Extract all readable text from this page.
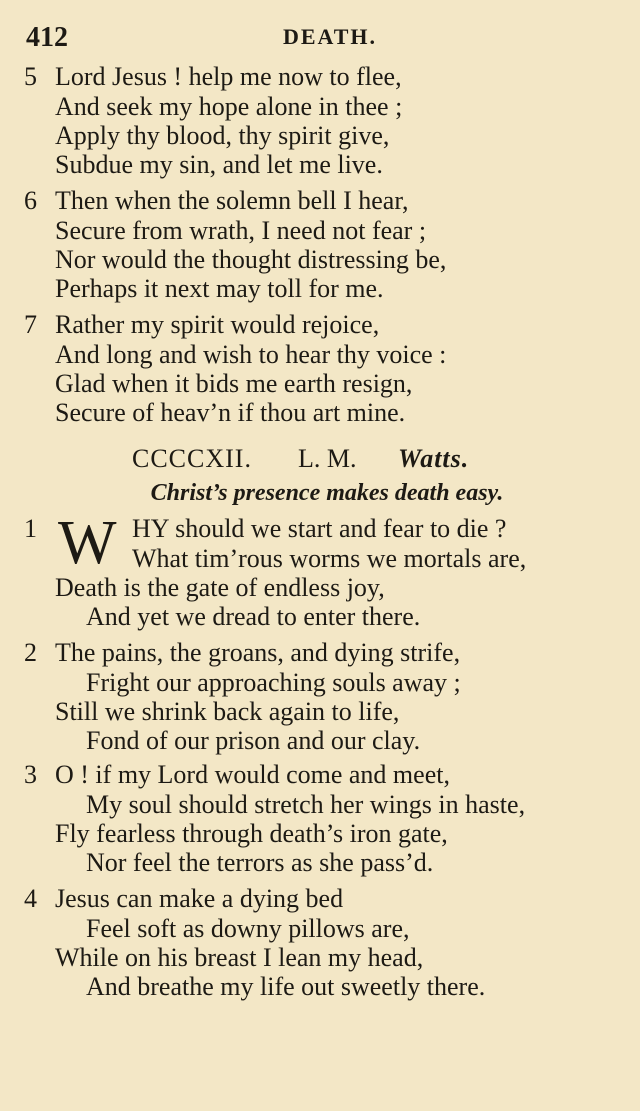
412	DEATH.
5 Lord Jesus ! help me now to flee,
And seek my hope alone in thee ;
Apply thy blood, thy spirit give,
Subdue my sin, and let me live.
6 Then when the solemn bell I hear,
Secure from wrath, I need not fear ;
Nor would the thought distressing be,
Perhaps it next may toll for me.
7 Rather my spirit would rejoice,
And long and wish to hear thy voice :
Glad when it bids me earth resign,
Secure of heav’n if thou art mine.
CCCCXII. L. M. Watts.
Christ’s presence makes death easy.
1	HY should we start and fear to die ?
What tim’rous worms we mortals are,
Death is the gate of endless joy,
And yet we dread to enter there.
W
2 The pains, the groans, and dying strife,
Fright our approaching souls away ;
Still we shrink back again to life,
Fond of our prison and our clay.
3 O ! if my Lord would come and meet,
My soul should stretch her wings in haste,
Fly fearless through death’s iron gate,
Nor feel the terrors as she pass’d.
4 Jesus can make a dying bed
Feel soft as downy pillows are,
While on his breast I lean my head,
And breathe my life out sweetly there.
